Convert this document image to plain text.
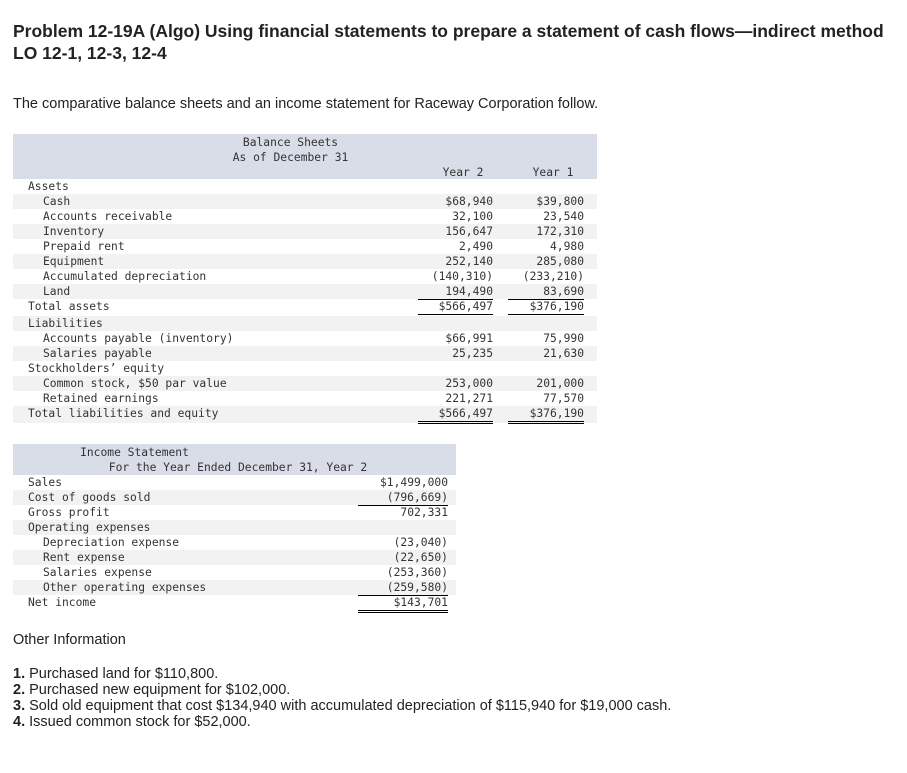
Problem 12-19A (Algo) Using financial statements to prepare a statement of cash flows—indirect method LO 12-1, 12-3, 12-4

The comparative balance sheets and an income statement for Raceway Corporation follow.

Balance Sheets
As of December 31
Year 2	Year 1
Assets
Cash	$68,940	$39,800
Accounts receivable	32,100	23,540
Inventory	156,647	172,310
Prepaid rent	2,490	4,980
Equipment	252,140	285,080
Accumulated depreciation	(140,310)	(233,210)
Land	194,490	83,690
Total assets	$566,497	$376,190
Liabilities
Accounts payable (inventory)	$66,991	75,990
Salaries payable	25,235	21,630
Stockholders’ equity
Common stock, $50 par value	253,000	201,000
Retained earnings	221,271	77,570
Total liabilities and equity	$566,497	$376,190
Income Statement
For the Year Ended December 31, Year 2
Sales	$1,499,000
Cost of goods sold	(796,669)
Gross profit	702,331
Operating expenses
Depreciation expense	(23,040)
Rent expense	(22,650)
Salaries expense	(253,360)
Other operating expenses	(259,580)
Net income	$143,701
Other Information
1. Purchased land for $110,800.
2. Purchased new equipment for $102,000.
3. Sold old equipment that cost $134,940 with accumulated depreciation of $115,940 for $19,000 cash.
4. Issued common stock for $52,000.
